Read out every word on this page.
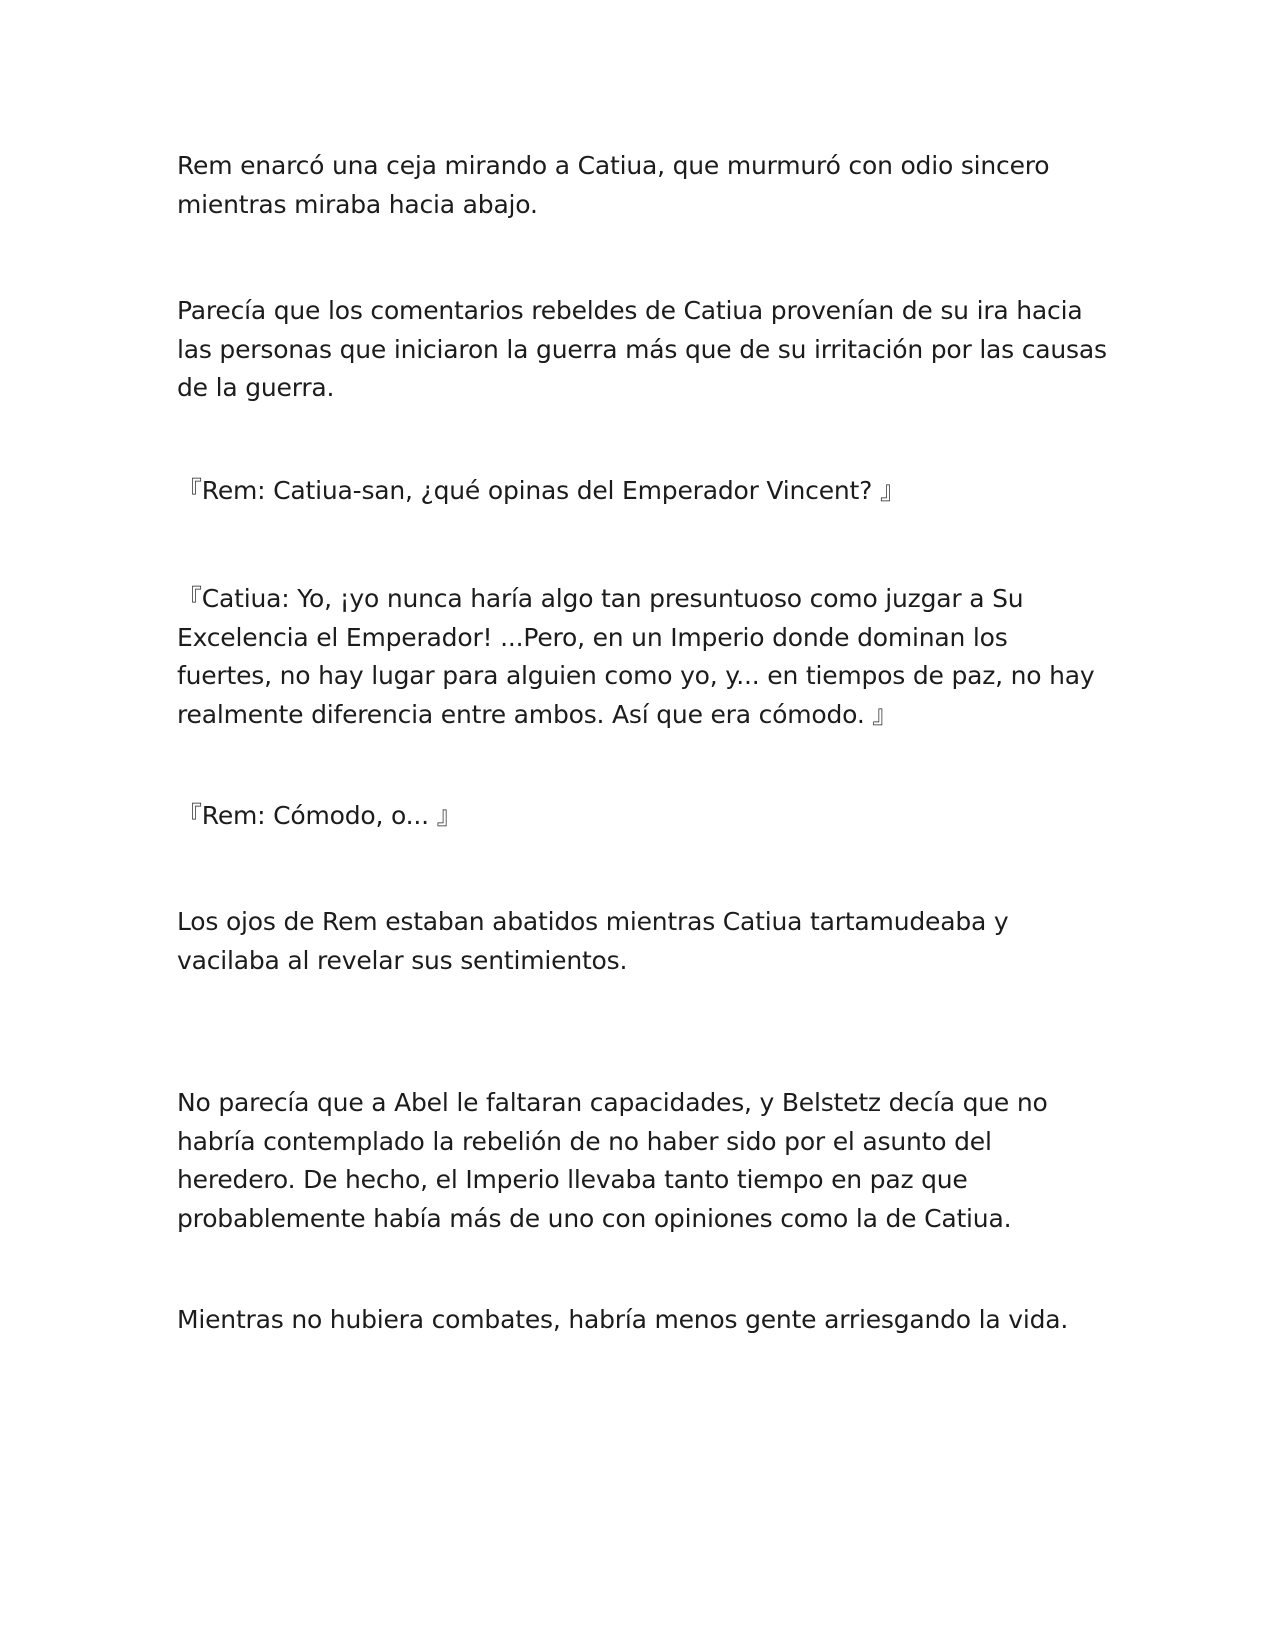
Rem enarcó una ceja mirando a Catiua, que murmuró con odio sincero mientras miraba hacia abajo.

Parecía que los comentarios rebeldes de Catiua provenían de su ira hacia las personas que iniciaron la guerra más que de su irritación por las causas de la guerra.

『Rem: Catiua-san, ¿qué opinas del Emperador Vincent? 』

『Catiua: Yo, ¡yo nunca haría algo tan presuntuoso como juzgar a Su Excelencia el Emperador! ...Pero, en un Imperio donde dominan los fuertes, no hay lugar para alguien como yo, y... en tiempos de paz, no hay realmente diferencia entre ambos. Así que era cómodo. 』

『Rem: Cómodo, o... 』

Los ojos de Rem estaban abatidos mientras Catiua tartamudeaba y vacilaba al revelar sus sentimientos.

No parecía que a Abel le faltaran capacidades, y Belstetz decía que no habría contemplado la rebelión de no haber sido por el asunto del heredero. De hecho, el Imperio llevaba tanto tiempo en paz que probablemente había más de uno con opiniones como la de Catiua.

Mientras no hubiera combates, habría menos gente arriesgando la vida.
